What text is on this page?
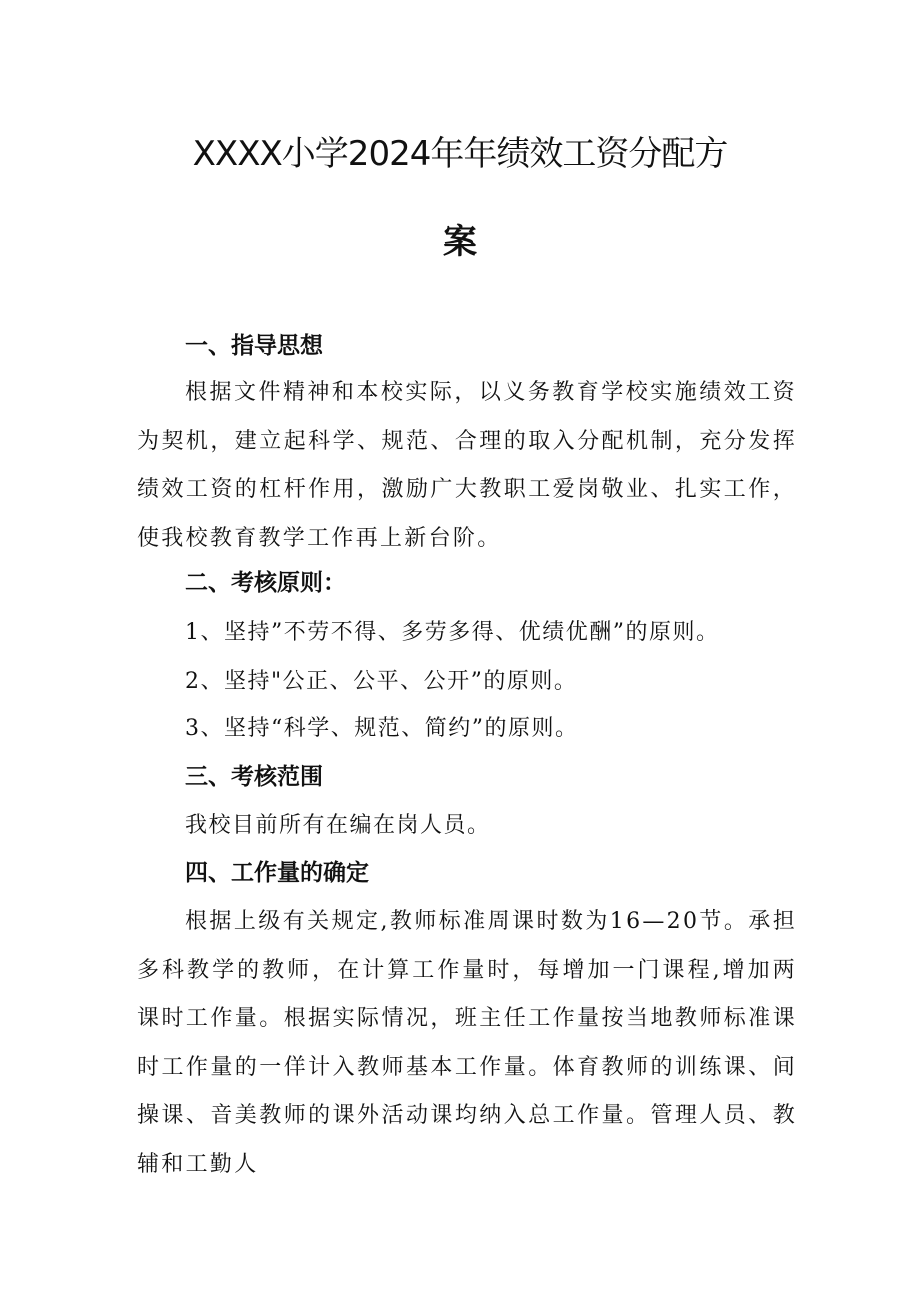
XXXX小学2024年年绩效工资分配方
案
一、指导思想

根据文件精神和本校实际，以义务教育学校实施绩效工资为契机，建立起科学、规范、合理的取入分配机制，充分发挥绩效工资的杠杆作用，激励广大教职工爱岗敬业、扎实工作，使我校教育教学工作再上新台阶。

二、考核原则：

1、坚持”不劳不得、多劳多得、优绩优酬”的原则。

2、坚持"公正、公平、公开”的原则。

3、坚持“科学、规范、简约”的原则。

三、考核范围

我校目前所有在编在岗人员。

四、工作量的确定

根据上级有关规定,教师标准周课时数为16—20节。承担多科教学的教师，在计算工作量时，每增加一门课程,增加两课时工作量。根据实际情况，班主任工作量按当地教师标准课时工作量的一佯计入教师基本工作量。体育教师的训练课、间操课、音美教师的课外活动课均纳入总工作量。管理人员、教辅和工勤人
